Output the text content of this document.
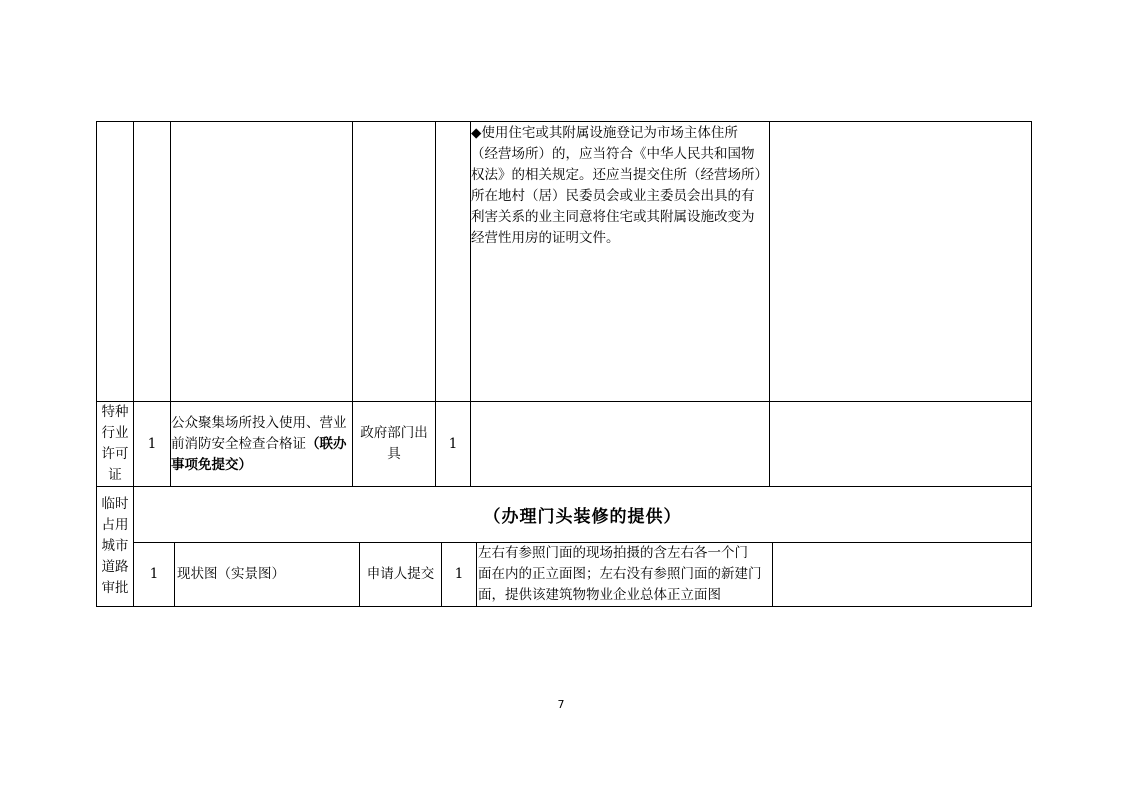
◆使用住宅或其附属设施登记为市场主体住所
（经营场所）的，应当符合《中华人民共和国物
权法》的相关规定。还应当提交住所（经营场所）
所在地村（居）民委员会或业主委员会出具的有
利害关系的业主同意将住宅或其附属设施改变为
经营性用房的证明文件。
特种
行业
许可
证
1
公众聚集场所投入使用、营业
前消防安全检查合格证（联办
事项免提交）
政府部门出
具
1
临时
占用
城市
道路
审批
（办理门头装修的提供）
1 现状图（实景图）	申请人提交 1
左右有参照门面的现场拍摄的含左右各一个门
面在内的正立面图；左右没有参照门面的新建门
面，提供该建筑物物业企业总体正立面图
7
